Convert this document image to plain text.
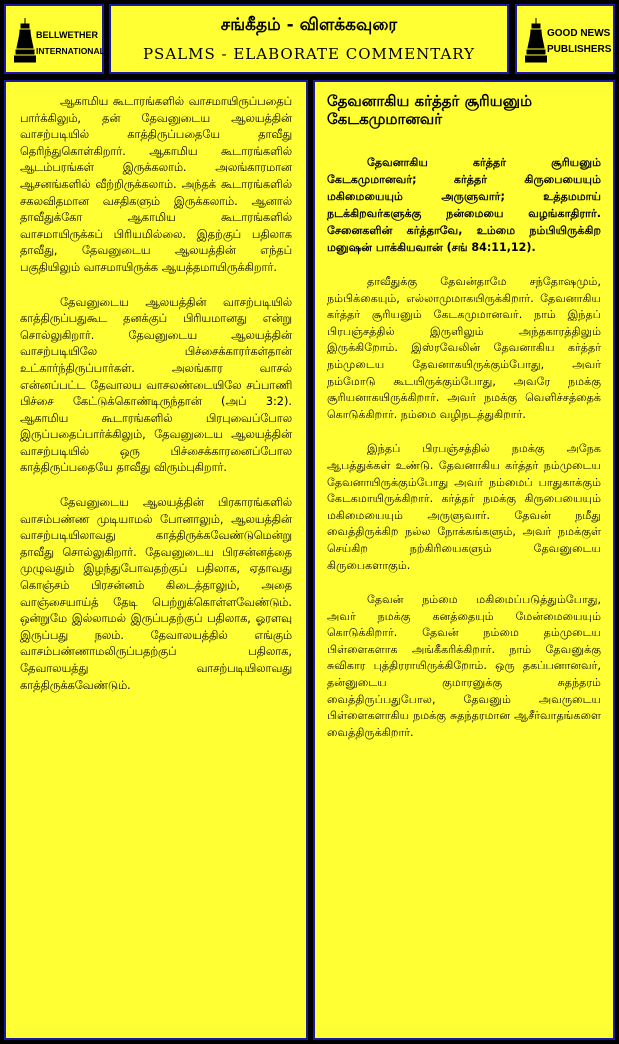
BELLWETHER
INTERNATIONAL
சங்கீதம் - விளக்கவுரை
PSALMS - ELABORATE COMMENTARY
GOOD NEWS
PUBLISHERS

ஆகாமிய கூடாரங்களில் வாசமாயிருப்பதைப் பார்க்கிலும், தன் தேவனுடைய ஆலயத்தின் வாசற்படியில் காத்திருப்பதையே தாவீது தெரிந்துகொள்கிறார். ஆகாமிய கூடாரங்களில் ஆடம்பரங்கள் இருக்கலாம். அலங்காரமான ஆசனங்களில் வீற்றிருக்கலாம். அந்தக் கூடாரங்களில் சகலவிதமான வசதிகளும் இருக்கலாம். ஆனால் தாவீதுக்கோ ஆகாமிய கூடாரங்களில் வாசமாயிருக்கப் பிரியமில்லை. இதற்குப் பதிலாக தாவீது, தேவனுடைய ஆலயத்தின் எந்தப் பகுதியிலும் வாசமாயிருக்க ஆயத்தமாயிருக்கிறார்.

தேவனுடைய ஆலயத்தின் வாசற்படியில் காத்திருப்பதுகூட தனக்குப் பிரியமானது என்று சொல்லுகிறார். தேவனுடைய ஆலயத்தின் வாசற்படியிலே பிச்சைக்காரர்கள்தான் உட்கார்ந்திருப்பார்கள். அலங்கார வாசல் என்னப்பட்ட தேவாலய வாசலண்டையிலே சப்பாணி பிச்சை கேட்டுக்கொண்டிருந்தான் (அப் 3:2). ஆகாமிய கூடாரங்களில் பிரபுவைப்போல இருப்பதைப்பார்க்கிலும், தேவனுடைய ஆலயத்தின் வாசற்படியில் ஒரு பிச்சைக்காரனைப்போல காத்திருப்பதையே தாவீது விரும்புகிறார்.

தேவனுடைய ஆலயத்தின் பிரகாரங்களில் வாசம்பண்ண முடியாமல் போனாலும், ஆலயத்தின் வாசற்படியிலாவது காத்திருக்கவேண்டுமென்று தாவீது சொல்லுகிறார். தேவனுடைய பிரசன்னத்தை முழுவதும் இழந்துபோவதற்குப் பதிலாக, ஏதாவது கொஞ்சம் பிரசன்னம் கிடைத்தாலும், அதை வாஞ்சையாய்த் தேடி பெற்றுக்கொள்ளவேண்டும். ஒன்றுமே இல்லாமல் இருப்பதற்குப் பதிலாக, ஓரளவு இருப்பது நலம். தேவாலயத்தில் எங்கும் வாசம்பண்ணாமலிருப்பதற்குப் பதிலாக, தேவாலயத்து வாசற்படியிலாவது காத்திருக்கவேண்டும்.

தேவனாகிய கர்த்தர் சூரியனும் கேடகமுமானவர்

தேவனாகிய கர்த்தர் சூரியனும் கேடகமுமானவர்; கர்த்தர் கிருபையையும் மகிமையையும் அருளுவார்; உத்தமமாய் நடக்கிறவர்களுக்கு நன்மையை வழங்காதிரார். சேனைகளின் கர்த்தாவே, உம்மை நம்பியிருக்கிற மனுஷன் பாக்கியவான் (சங் 84:11,12).

தாவீதுக்கு தேவன்தாமே சந்தோஷமும், நம்பிக்கையும், எல்லாமுமாகயிருக்கிறார். தேவனாகிய கர்த்தர் சூரியனும் கேடகமுமானவர். நாம் இந்தப் பிரபஞ்சத்தில் இருளிலும் அந்தகாரத்திலும் இருக்கிறோம். இஸ்ரவேலின் தேவனாகிய கர்த்தர் நம்முடைய தேவனாகயிருக்கும்போது, அவர் நம்மோடு கூடயிருக்கும்போது, அவரே நமக்கு சூரியனாகயிருக்கிறார். அவர் நமக்கு வெளிச்சத்தைக் கொடுக்கிறார். நம்மை வழிநடத்துகிறார்.

இந்தப் பிரபஞ்சத்தில் நமக்கு அநேக ஆபத்துக்கள் உண்டு. தேவனாகிய கர்த்தர் நம்முடைய தேவனாயிருக்கும்போது அவர் நம்மைப் பாதுகாக்கும் கேடகமாயிருக்கிறார். கர்த்தர் நமக்கு கிருபையையும் மகிமையையும் அருளுவார். தேவன் நமீது வைத்திருக்கிற நல்ல நோக்கங்களும், அவர் நமக்குள் செய்கிற நற்கிரியைகளும் தேவனுடைய கிருபைகளாகும்.

தேவன் நம்மை மகிமைப்படுத்தும்போது, அவர் நமக்கு கனத்தையும் மேன்மையையும் கொடுக்கிறார். தேவன் நம்மை தம்முடைய பிள்ளைகளாக அங்கீகரிக்கிறார். நாம் தேவனுக்கு சுவிகார புத்திரராயிருக்கிறோம். ஒரு தகப்பனானவர், தன்னுடைய குமாரனுக்கு சுதந்தரம் வைத்திருப்பதுபோல, தேவனும் அவருடைய பிள்ளைகளாகிய நமக்கு சுதந்தரமான ஆசீர்வாதங்களை வைத்திருக்கிறார்.
